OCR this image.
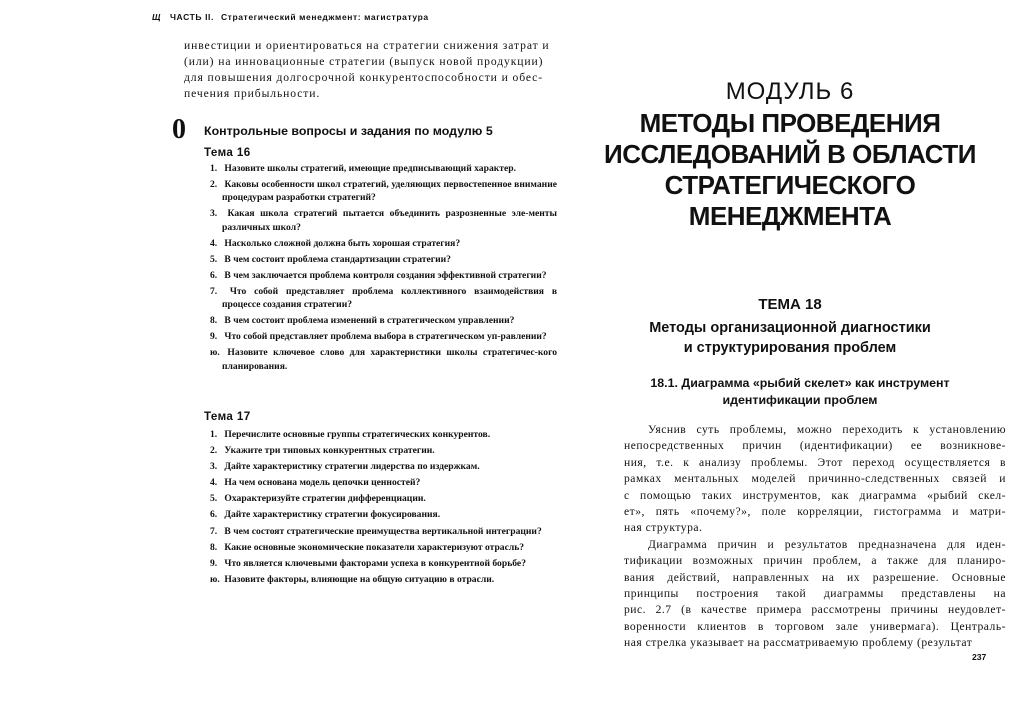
Щ ЧАСТЬ II. Стратегический менеджмент: магистратура

инвестиции и ориентироваться на стратегии снижения затрат и
(или) на инновационные стратегии (выпуск новой продукции)
для повышения долгосрочной конкурентоспособности и обес-
печения прибыльности.

0 Контрольные вопросы и задания по модулю 5
Тема 16
1. Назовите школы стратегий, имеющие предписывающий характер.
2. Каковы особенности школ стратегий, уделяющих первостепенное внимание процедурам разработки стратегий?
3. Какая школа стратегий пытается объединить разрозненные эле-менты различных школ?
4. Насколько сложной должна быть хорошая стратегия?
5. В чем состоит проблема стандартизации стратегии?
6. В чем заключается проблема контроля создания эффективной стратегии?
7. Что собой представляет проблема коллективного взаимодействия в процессе создания стратегии?
8. В чем состоит проблема изменений в стратегическом управлении?
9. Что собой представляет проблема выбора в стратегическом уп-равлении?
ю. Назовите ключевое слово для характеристики школы стратегичес-кого планирования.
Тема 17
1. Перечислите основные группы стратегических конкурентов.
2. Укажите три типовых конкурентных стратегии.
3. Дайте характеристику стратегии лидерства по издержкам.
4. На чем основана модель цепочки ценностей?
5. Охарактеризуйте стратегии дифференциации.
6. Дайте характеристику стратегии фокусирования.
7. В чем состоят стратегические преимущества вертикальной интеграции?
8. Какие основные экономические показатели характеризуют отрасль?
9. Что является ключевыми факторами успеха в конкурентной борьбе?
ю. Назовите факторы, влияющие на общую ситуацию в отрасли.
МОДУЛЬ 6
МЕТОДЫ ПРОВЕДЕНИЯ
ИССЛЕДОВАНИЙ В ОБЛАСТИ
СТРАТЕГИЧЕСКОГО
МЕНЕДЖМЕНТА
ТЕМА 18
Методы организационной диагностики
и структурирования проблем
18.1. Диаграмма «рыбий скелет» как инструмент
идентификации проблем
Уяснив суть проблемы, можно переходить к установлению
непосредственных причин (идентификации) ее возникнове-
ния, т.е. к анализу проблемы. Этот переход осуществляется в
рамках ментальных моделей причинно-следственных связей и
с помощью таких инструментов, как диаграмма «рыбий скел-
ет», пять «почему?», поле корреляции, гистограмма и матри-
ная структура.
Диаграмма причин и результатов предназначена для иден-
тификации возможных причин проблем, а также для планиро-
вания действий, направленных на их разрешение. Основные
принципы построения такой диаграммы представлены на
рис. 2.7 (в качестве примера рассмотрены причины неудовлет-
воренности клиентов в торговом зале универмага). Централь-
ная стрелка указывает на рассматриваемую проблему (результат
237
